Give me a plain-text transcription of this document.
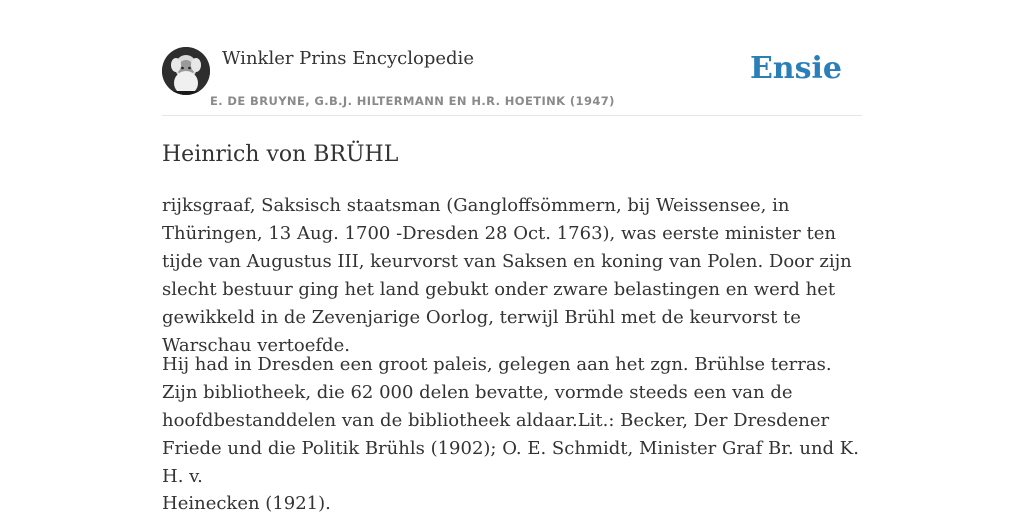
Winkler Prins Encyclopedie
E. DE BRUYNE, G.B.J. HILTERMANN EN H.R. HOETINK (1947)
Ensie
Heinrich von BRÜHL

rijksgraaf, Saksisch staatsman (Gangloffsömmern, bij Weissensee, in Thüringen, 13 Aug. 1700 -Dresden 28 Oct. 1763), was eerste minister ten tijde van Augustus III, keurvorst van Saksen en koning van Polen. Door zijn slecht bestuur ging het land gebukt onder zware belastingen en werd het gewikkeld in de Zevenjarige Oorlog, terwijl Brühl met de keurvorst te Warschau vertoefde.

Hij had in Dresden een groot paleis, gelegen aan het zgn. Brühlse terras. Zijn bibliotheek, die 62 000 delen bevatte, vormde steeds een van de hoofdbestanddelen van de bibliotheek aldaar.Lit.: Becker, Der Dresdener Friede und die Politik Brühls (1902); O. E. Schmidt, Minister Graf Br. und K. H. v.

Heinecken (1921).
